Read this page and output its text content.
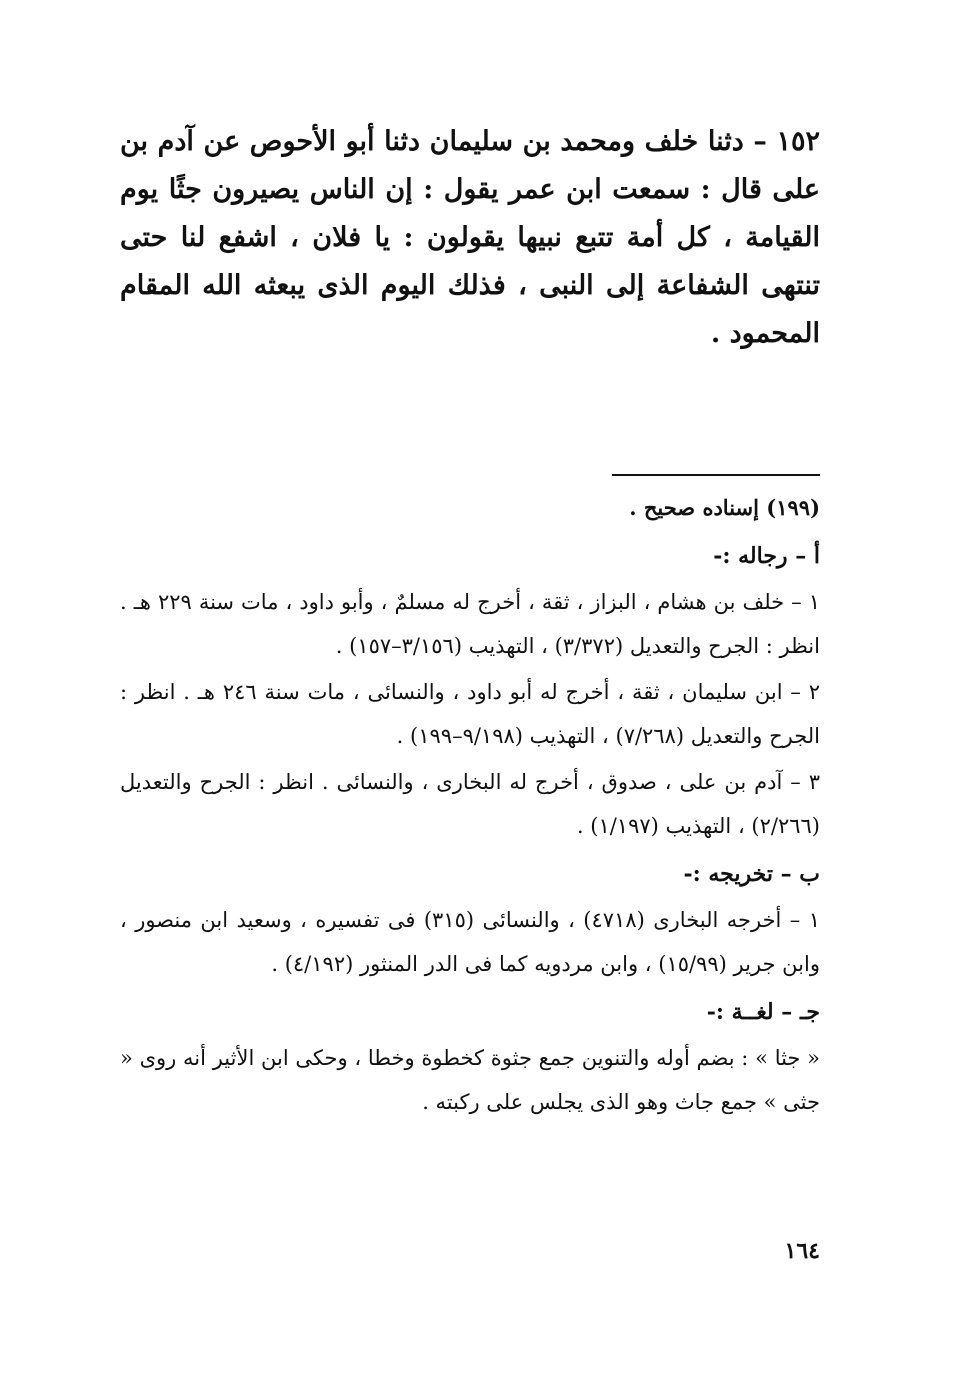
١٥٢ – دثنا خلف ومحمد بن سليمان دثنا أبو الأحوص عن آدم بن على قال : سمعت ابن عمر يقول : إن الناس يصيرون جثًا يوم القيامة ، كل أمة تتبع نبيها يقولون : يا فلان ، اشفع لنا حتى تنتهى الشفاعة إلى النبى ، فذلك اليوم الذى يبعثه الله المقام المحمود .

(١٩٩) إسناده صحيح .

أ – رجاله :-

١ – خلف بن هشام ، البزاز ، ثقة ، أخرج له مسلمٌ ، وأبو داود ، مات سنة ٢٢٩ هـ . انظر : الجرح والتعديل (٣/٣٧٢) ، التهذيب (٣/١٥٦–١٥٧) .

٢ – ابن سليمان ، ثقة ، أخرج له أبو داود ، والنسائى ، مات سنة ٢٤٦ هـ . انظر : الجرح والتعديل (٧/٢٦٨) ، التهذيب (٩/١٩٨–١٩٩) .

٣ – آدم بن على ، صدوق ، أخرج له البخارى ، والنسائى . انظر : الجرح والتعديل (٢/٢٦٦) ، التهذيب (١/١٩٧) .

ب – تخريجه :-

١ – أخرجه البخارى (٤٧١٨) ، والنسائى (٣١٥) فى تفسيره ، وسعيد ابن منصور ، وابن جرير (١٥/٩٩) ، وابن مردويه كما فى الدر المنثور (٤/١٩٢) .

جـ – لغــة :-

« جثا » : بضم أوله والتنوين جمع جثوة كخطوة وخطا ، وحكى ابن الأثير أنه روى « جثى » جمع جاث وهو الذى يجلس على ركبته .

١٦٤
